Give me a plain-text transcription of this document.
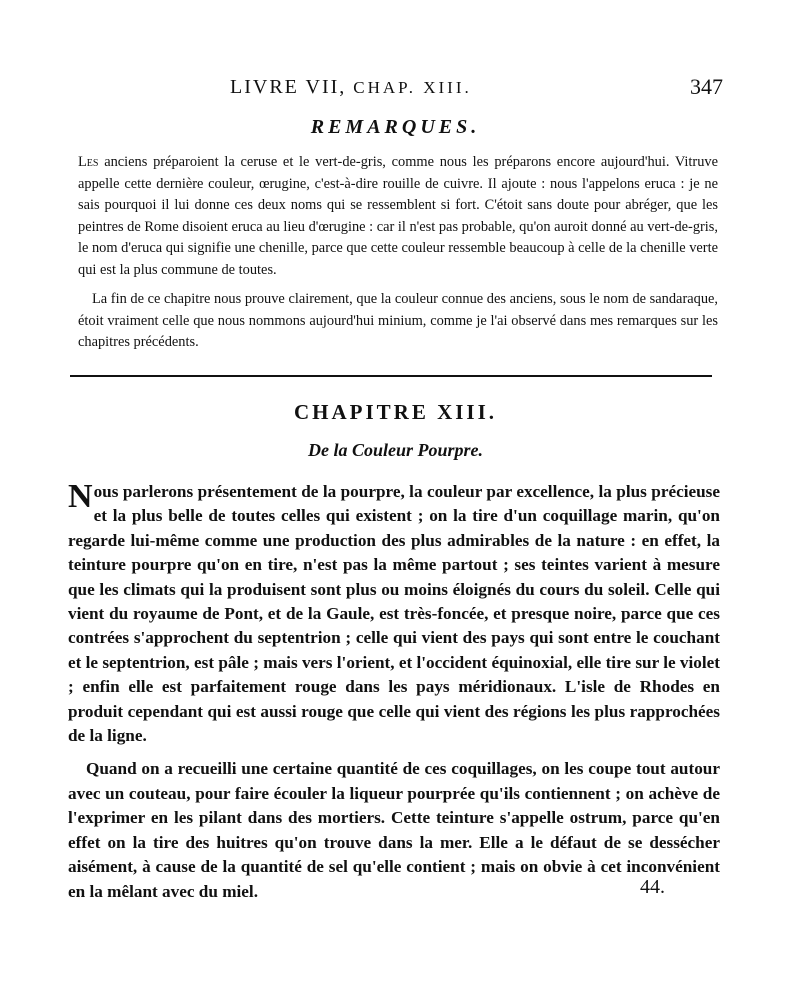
LIVRE VII, CHAP. XIII.	347
REMARQUES.

Les anciens préparoient la ceruse et le vert-de-gris, comme nous les préparons encore aujourd'hui. Vitruve appelle cette dernière couleur, œrugine, c'est-à-dire rouille de cuivre. Il ajoute : nous l'appelons eruca : je ne sais pourquoi il lui donne ces deux noms qui se ressemblent si fort. C'étoit sans doute pour abréger, que les peintres de Rome disoient eruca au lieu d'œrugine : car il n'est pas probable, qu'on auroit donné au vert-de-gris, le nom d'eruca qui signifie une chenille, parce que cette couleur ressemble beaucoup à celle de la chenille verte qui est la plus commune de toutes.

La fin de ce chapitre nous prouve clairement, que la couleur connue des anciens, sous le nom de sandaraque, étoit vraiment celle que nous nommons aujourd'hui minium, comme je l'ai observé dans mes remarques sur les chapitres précédents.

CHAPITRE XIII.
De la Couleur Pourpre.

Nous parlerons présentement de la pourpre, la couleur par excellence, la plus précieuse et la plus belle de toutes celles qui existent ; on la tire d'un coquillage marin, qu'on regarde lui-même comme une production des plus admirables de la nature : en effet, la teinture pourpre qu'on en tire, n'est pas la même partout ; ses teintes varient à mesure que les climats qui la produisent sont plus ou moins éloignés du cours du soleil. Celle qui vient du royaume de Pont, et de la Gaule, est très-foncée, et presque noire, parce que ces contrées s'approchent du septentrion ; celle qui vient des pays qui sont entre le couchant et le septentrion, est pâle ; mais vers l'orient, et l'occident équinoxial, elle tire sur le violet ; enfin elle est parfaitement rouge dans les pays méridionaux. L'isle de Rhodes en produit cependant qui est aussi rouge que celle qui vient des régions les plus rapprochées de la ligne.

Quand on a recueilli une certaine quantité de ces coquillages, on les coupe tout autour avec un couteau, pour faire écouler la liqueur pourprée qu'ils contiennent ; on achève de l'exprimer en les pilant dans des mortiers. Cette teinture s'appelle ostrum, parce qu'en effet on la tire des huitres qu'on trouve dans la mer. Elle a le défaut de se dessécher aisément, à cause de la quantité de sel qu'elle contient ; mais on obvie à cet inconvénient en la mêlant avec du miel.	44.
